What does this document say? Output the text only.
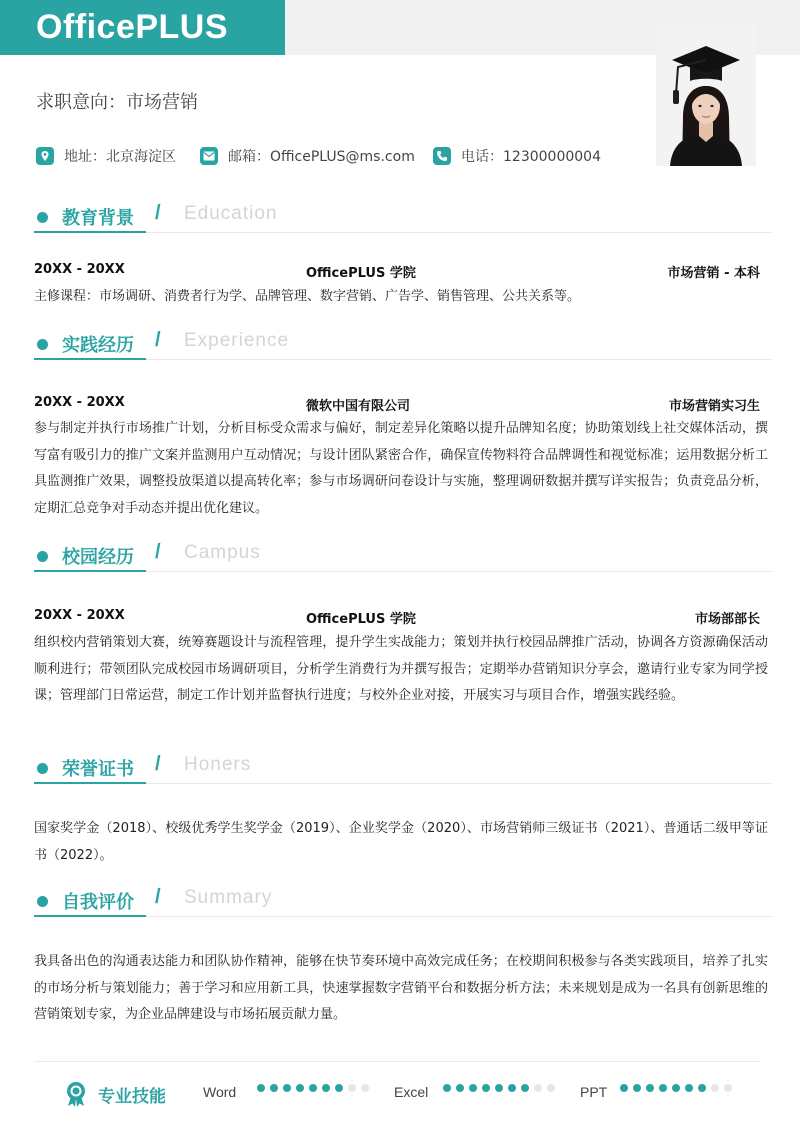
OfficePLUS
求职意向：市场营销
地址：北京海淀区	邮箱：OfficePLUS@ms.com	电话：12300000004
教育背景 / Education
20XX - 20XX	OfficePLUS 学院	市场营销 - 本科
主修课程：市场调研、消费者行为学、品牌管理、数字营销、广告学、销售管理、公共关系等。
实践经历 / Experience
20XX - 20XX	微软中国有限公司	市场营销实习生
参与制定并执行市场推广计划，分析目标受众需求与偏好，制定差异化策略以提升品牌知名度；协助策划线上社交媒体活动，撰写富有吸引力的推广文案并监测用户互动情况；与设计团队紧密合作，确保宣传物料符合品牌调性和视觉标准；运用数据分析工具监测推广效果，调整投放渠道以提高转化率；参与市场调研问卷设计与实施，整理调研数据并撰写详实报告；负责竞品分析，定期汇总竞争对手动态并提出优化建议。
校园经历 / Campus
20XX - 20XX	OfficePLUS 学院	市场部部长
组织校内营销策划大赛，统筹赛题设计与流程管理，提升学生实战能力；策划并执行校园品牌推广活动，协调各方资源确保活动顺利进行；带领团队完成校园市场调研项目，分析学生消费行为并撰写报告；定期举办营销知识分享会，邀请行业专家为同学授课；管理部门日常运营，制定工作计划并监督执行进度；与校外企业对接，开展实习与项目合作，增强实践经验。
荣誉证书 / Honers
国家奖学金（2018）、校级优秀学生奖学金（2019）、企业奖学金（2020）、市场营销师三级证书（2021）、普通话二级甲等证书（2022）。
自我评价 / Summary
我具备出色的沟通表达能力和团队协作精神，能够在快节奏环境中高效完成任务；在校期间积极参与各类实践项目，培养了扎实的市场分析与策划能力；善于学习和应用新工具，快速掌握数字营销平台和数据分析方法；未来规划是成为一名具有创新思维的营销策划专家，为企业品牌建设与市场拓展贡献力量。
专业技能	Word	Excel	PPT
